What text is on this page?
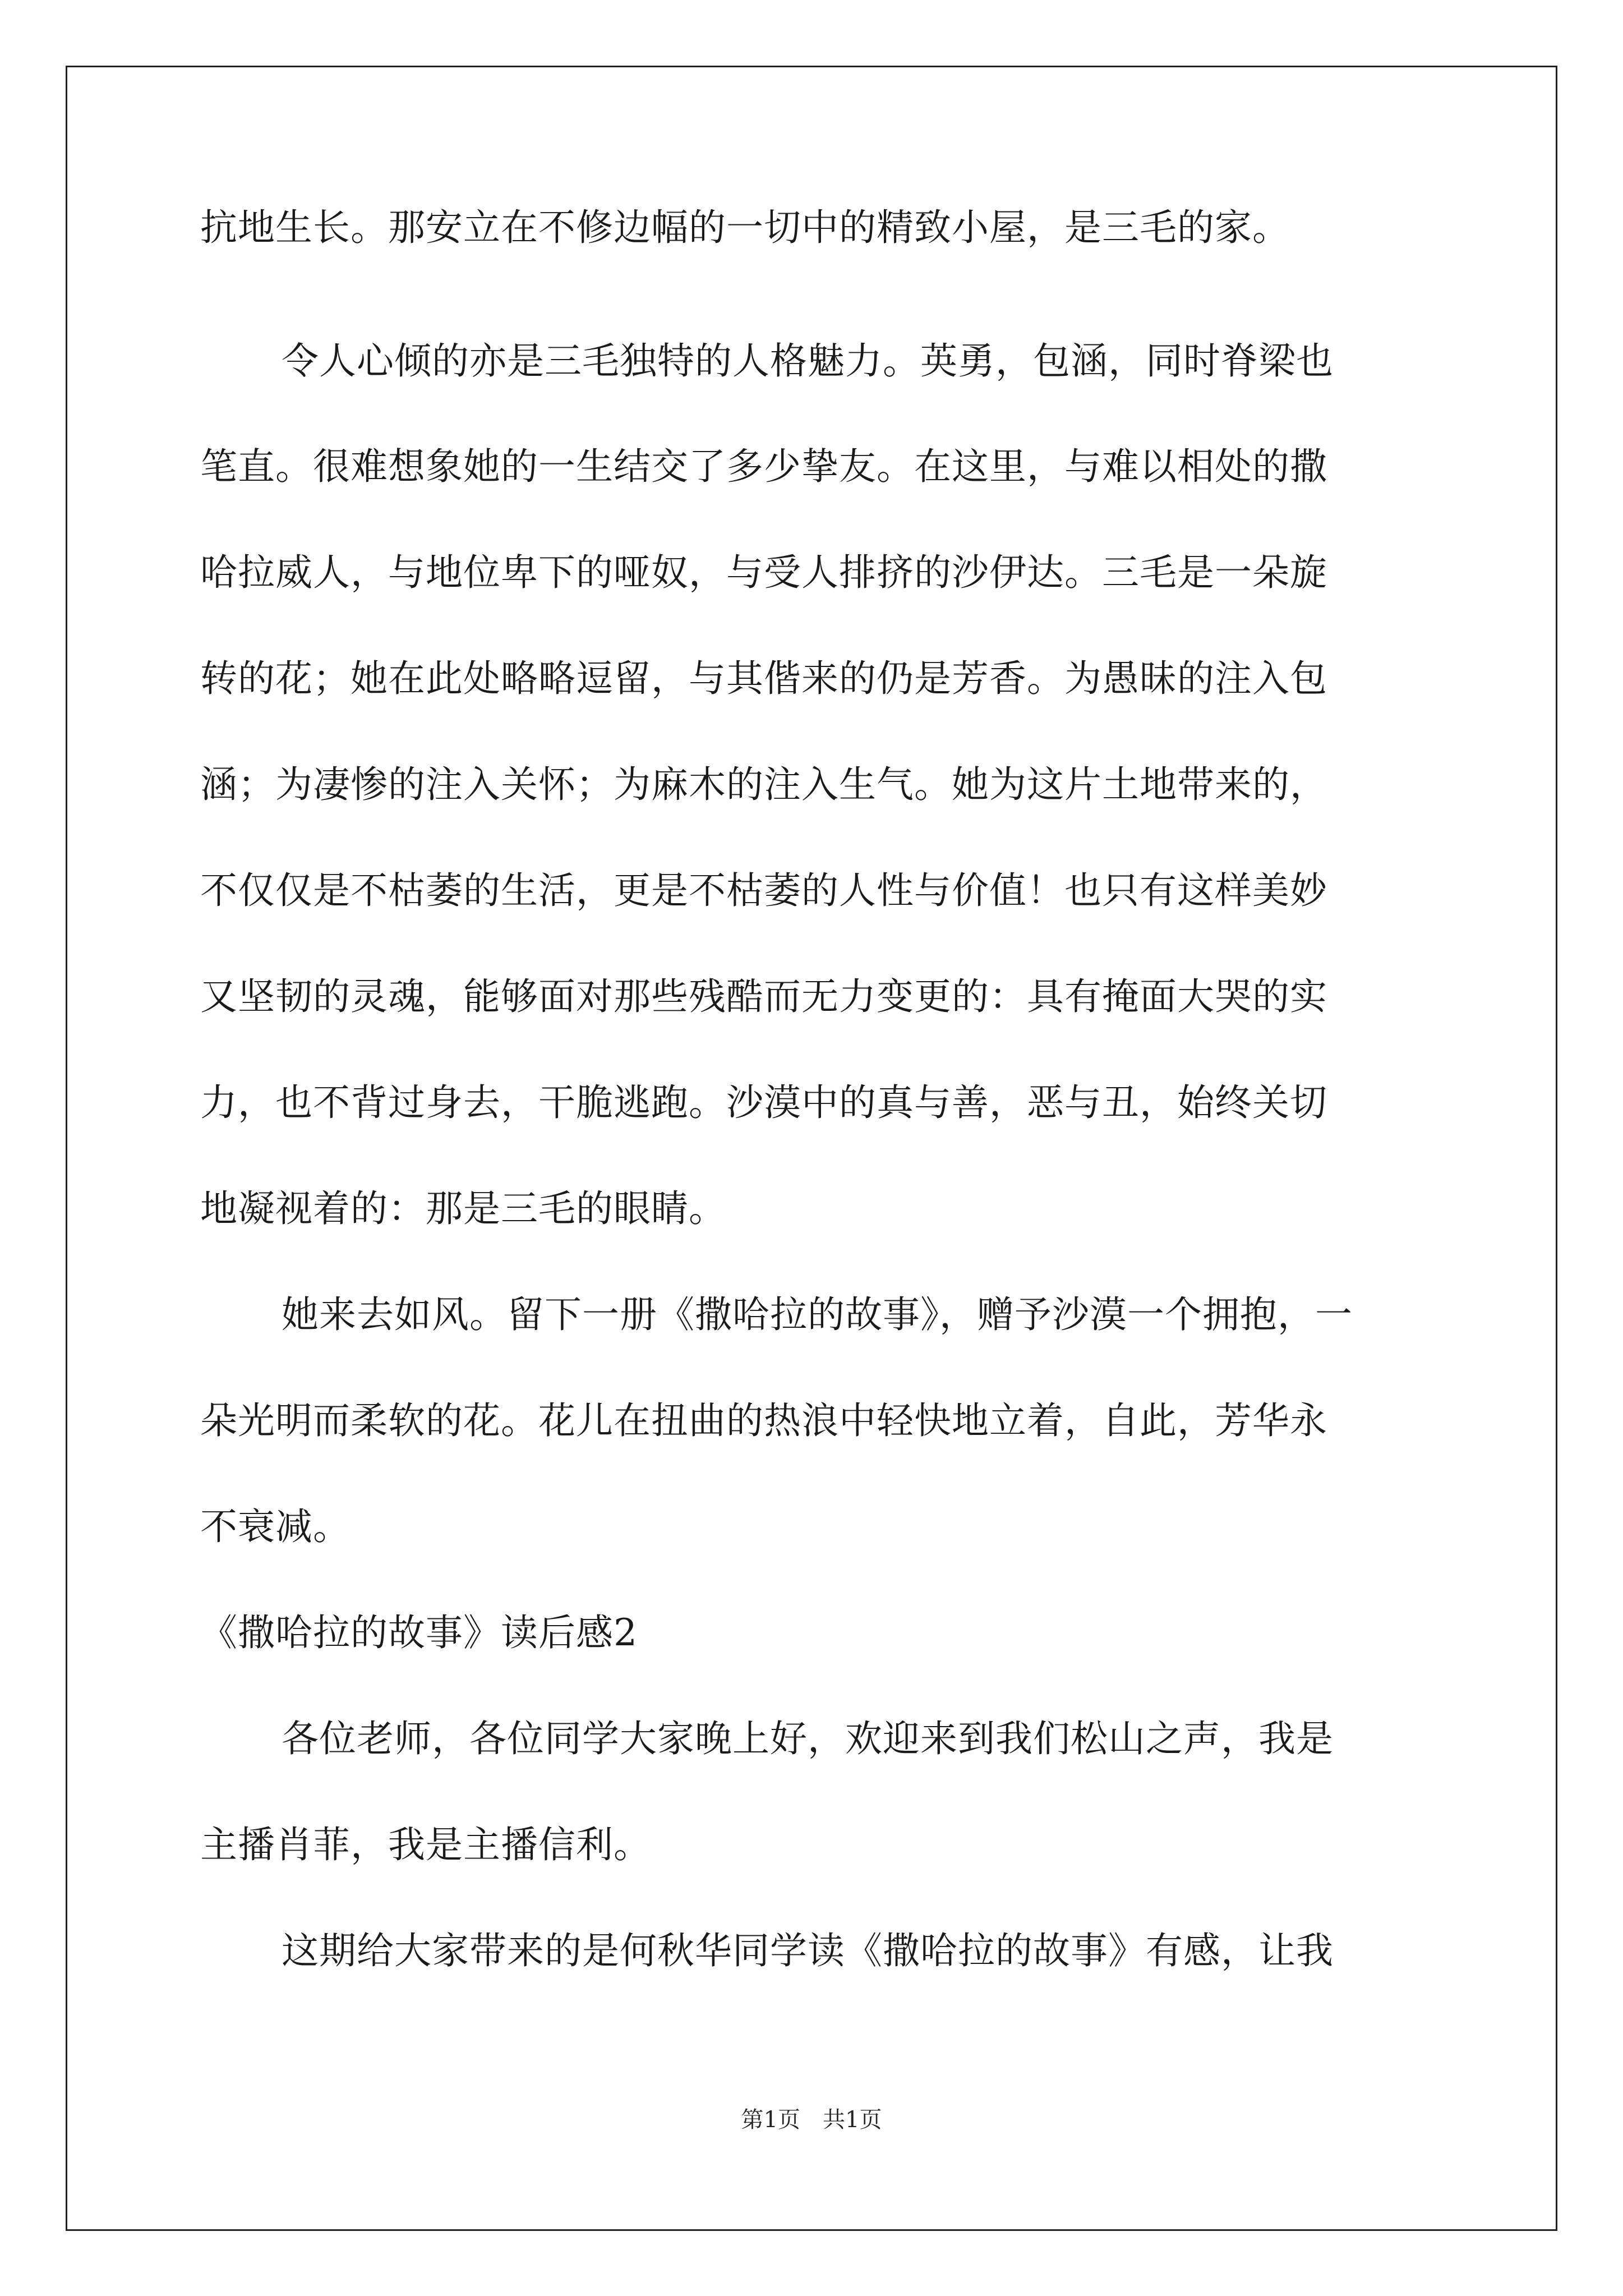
抗地生长。那安立在不修边幅的一切中的精致小屋，是三毛的家。
令人心倾的亦是三毛独特的人格魅力。英勇，包涵，同时脊梁也
笔直。很难想象她的一生结交了多少挚友。在这里，与难以相处的撒
哈拉威人，与地位卑下的哑奴，与受人排挤的沙伊达。三毛是一朵旋
转的花；她在此处略略逗留，与其偕来的仍是芳香。为愚昧的注入包
涵；为凄惨的注入关怀；为麻木的注入生气。她为这片土地带来的，
不仅仅是不枯萎的生活，更是不枯萎的人性与价值！也只有这样美妙
又坚韧的灵魂，能够面对那些残酷而无力变更的：具有掩面大哭的实
力，也不背过身去，干脆逃跑。沙漠中的真与善，恶与丑，始终关切
地凝视着的：那是三毛的眼睛。
她来去如风。留下一册《撒哈拉的故事》，赠予沙漠一个拥抱，一
朵光明而柔软的花。花儿在扭曲的热浪中轻快地立着，自此，芳华永
不衰减。
《撒哈拉的故事》读后感2
各位老师，各位同学大家晚上好，欢迎来到我们松山之声，我是
主播肖菲，我是主播信利。
这期给大家带来的是何秋华同学读《撒哈拉的故事》有感，让我
第1页　共1页
